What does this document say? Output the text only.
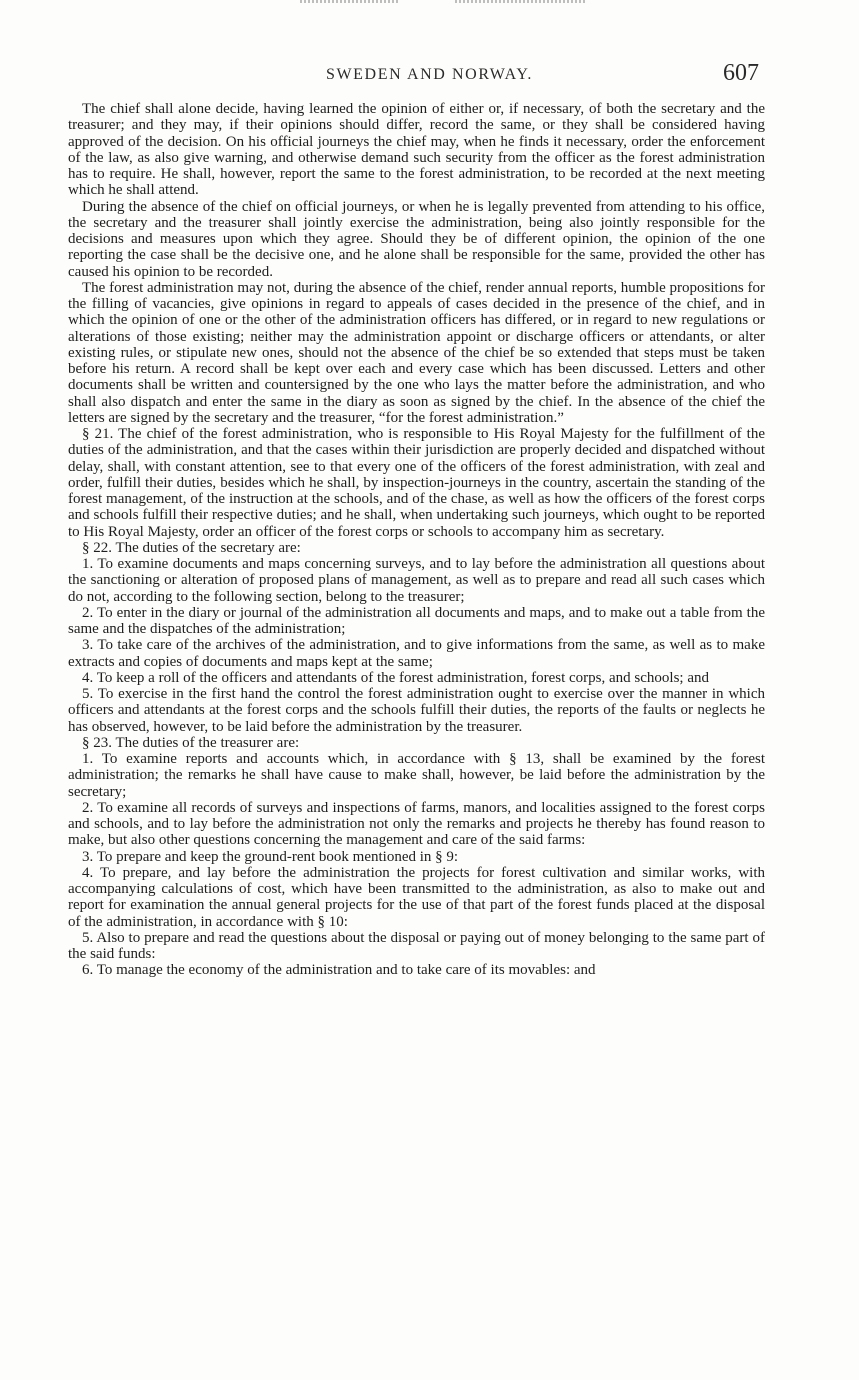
SWEDEN AND NORWAY.	607

The chief shall alone decide, having learned the opinion of either or, if necessary, of both the secretary and the treasurer; and they may, if their opinions should differ, record the same, or they shall be considered having approved of the decision. On his official journeys the chief may, when he finds it necessary, order the enforcement of the law, as also give warning, and otherwise demand such security from the officer as the forest administration has to require. He shall, however, report the same to the forest administration, to be recorded at the next meeting which he shall attend.

During the absence of the chief on official journeys, or when he is legally prevented from attending to his office, the secretary and the treasurer shall jointly exercise the administration, being also jointly responsible for the decisions and measures upon which they agree. Should they be of different opinion, the opinion of the one reporting the case shall be the decisive one, and he alone shall be responsible for the same, provided the other has caused his opinion to be recorded.

The forest administration may not, during the absence of the chief, render annual reports, humble propositions for the filling of vacancies, give opinions in regard to appeals of cases decided in the presence of the chief, and in which the opinion of one or the other of the administration officers has differed, or in regard to new regulations or alterations of those existing; neither may the administration appoint or discharge officers or attendants, or alter existing rules, or stipulate new ones, should not the absence of the chief be so extended that steps must be taken before his return. A record shall be kept over each and every case which has been discussed. Letters and other documents shall be written and countersigned by the one who lays the matter before the administration, and who shall also dispatch and enter the same in the diary as soon as signed by the chief. In the absence of the chief the letters are signed by the secretary and the treasurer, “for the forest administration.”

§ 21. The chief of the forest administration, who is responsible to His Royal Majesty for the fulfillment of the duties of the administration, and that the cases within their jurisdiction are properly decided and dispatched without delay, shall, with constant attention, see to that every one of the officers of the forest administration, with zeal and order, fulfill their duties, besides which he shall, by inspection-journeys in the country, ascertain the standing of the forest management, of the instruction at the schools, and of the chase, as well as how the officers of the forest corps and schools fulfill their respective duties; and he shall, when undertaking such journeys, which ought to be reported to His Royal Majesty, order an officer of the forest corps or schools to accompany him as secretary.

§ 22. The duties of the secretary are:

1. To examine documents and maps concerning surveys, and to lay before the administration all questions about the sanctioning or alteration of proposed plans of management, as well as to prepare and read all such cases which do not, according to the following section, belong to the treasurer;

2. To enter in the diary or journal of the administration all documents and maps, and to make out a table from the same and the dispatches of the administration;

3. To take care of the archives of the administration, and to give informations from the same, as well as to make extracts and copies of documents and maps kept at the same;

4. To keep a roll of the officers and attendants of the forest administration, forest corps, and schools; and

5. To exercise in the first hand the control the forest administration ought to exercise over the manner in which officers and attendants at the forest corps and the schools fulfill their duties, the reports of the faults or neglects he has observed, however, to be laid before the administration by the treasurer.

§ 23. The duties of the treasurer are:

1. To examine reports and accounts which, in accordance with § 13, shall be examined by the forest administration; the remarks he shall have cause to make shall, however, be laid before the administration by the secretary;

2. To examine all records of surveys and inspections of farms, manors, and localities assigned to the forest corps and schools, and to lay before the administration not only the remarks and projects he thereby has found reason to make, but also other questions concerning the management and care of the said farms:

3. To prepare and keep the ground-rent book mentioned in § 9:

4. To prepare, and lay before the administration the projects for forest cultivation and similar works, with accompanying calculations of cost, which have been transmitted to the administration, as also to make out and report for examination the annual general projects for the use of that part of the forest funds placed at the disposal of the administration, in accordance with § 10:

5. Also to prepare and read the questions about the disposal or paying out of money belonging to the same part of the said funds:

6. To manage the economy of the administration and to take care of its movables: and
